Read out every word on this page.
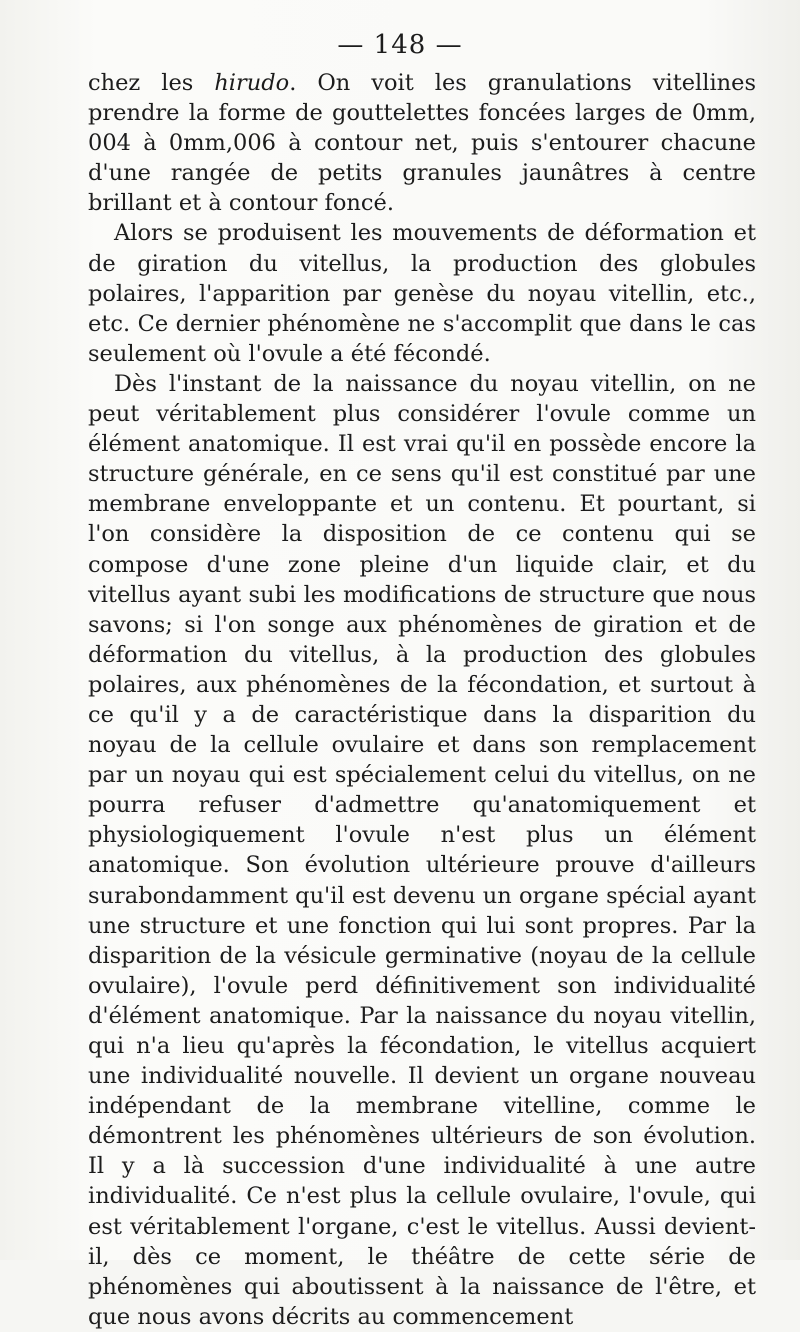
— 148 —

chez les hirudo. On voit les granulations vitellines prendre la forme de gouttelettes foncées larges de 0mm, 004 à 0mm,006 à contour net, puis s'entourer chacune d'une rangée de petits granules jaunâtres à centre brillant et à contour foncé.

Alors se produisent les mouvements de déformation et de giration du vitellus, la production des globules polaires, l'apparition par genèse du noyau vitellin, etc., etc. Ce dernier phénomène ne s'accomplit que dans le cas seulement où l'ovule a été fécondé.

Dès l'instant de la naissance du noyau vitellin, on ne peut véritablement plus considérer l'ovule comme un élément anatomique. Il est vrai qu'il en possède encore la structure générale, en ce sens qu'il est constitué par une membrane enveloppante et un contenu. Et pourtant, si l'on considère la disposition de ce contenu qui se compose d'une zone pleine d'un liquide clair, et du vitellus ayant subi les modifications de structure que nous savons; si l'on songe aux phénomènes de giration et de déformation du vitellus, à la production des globules polaires, aux phénomènes de la fécondation, et surtout à ce qu'il y a de caractéristique dans la disparition du noyau de la cellule ovulaire et dans son remplacement par un noyau qui est spécialement celui du vitellus, on ne pourra refuser d'admettre qu'anatomiquement et physiologiquement l'ovule n'est plus un élément anatomique. Son évolution ultérieure prouve d'ailleurs surabondamment qu'il est devenu un organe spécial ayant une structure et une fonction qui lui sont propres. Par la disparition de la vésicule germinative (noyau de la cellule ovulaire), l'ovule perd définitivement son individualité d'élément anatomique. Par la naissance du noyau vitellin, qui n'a lieu qu'après la fécondation, le vitellus acquiert une individualité nouvelle. Il devient un organe nouveau indépendant de la membrane vitelline, comme le démontrent les phénomènes ultérieurs de son évolution. Il y a là succession d'une individualité à une autre individualité. Ce n'est plus la cellule ovulaire, l'ovule, qui est véritablement l'organe, c'est le vitellus. Aussi devient-il, dès ce moment, le théâtre de cette série de phénomènes qui aboutissent à la naissance de l'être, et que nous avons décrits au commencement
